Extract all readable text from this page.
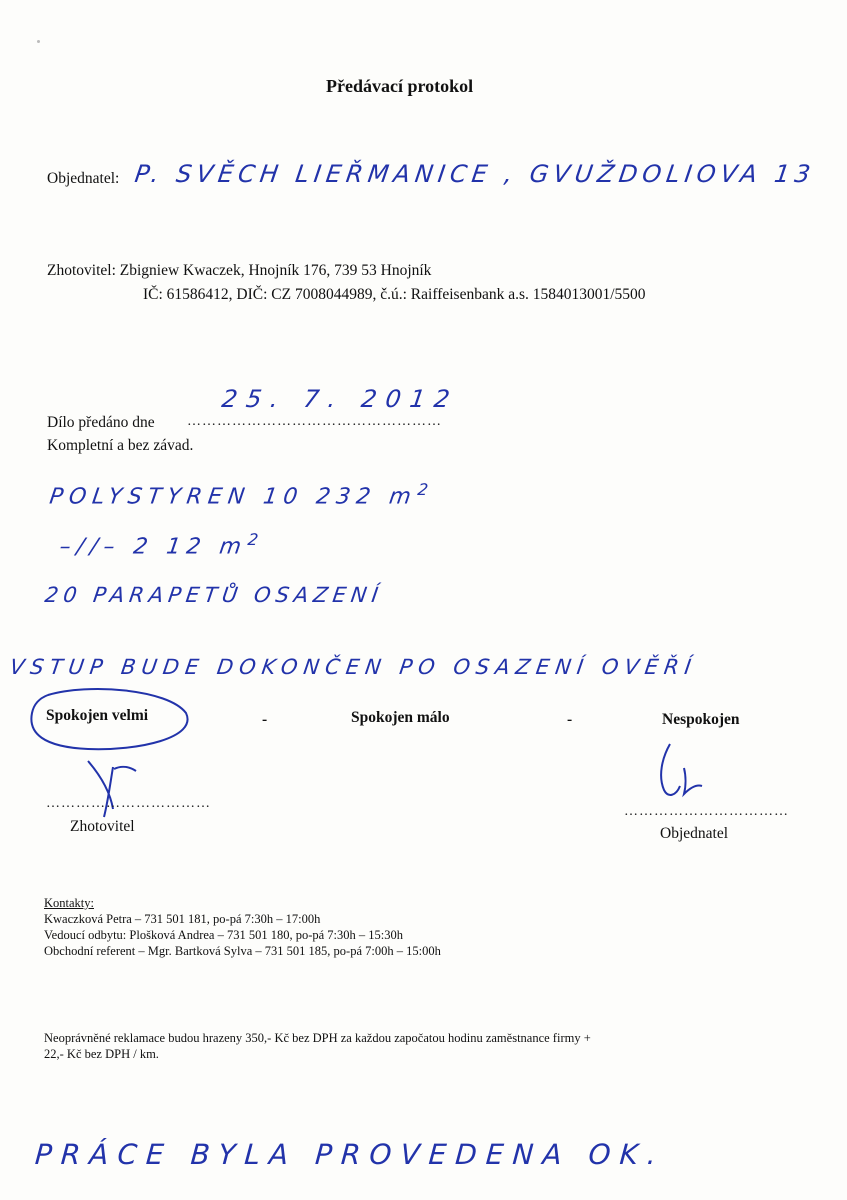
Předávací protokol
Objednatel: P. SVĚCH LIEŘMANICE , GVUŽDOLIOVA 13
Zhotovitel: Zbigniew Kwaczek, Hnojník 176, 739 53 Hnojník
IČ: 61586412, DIČ: CZ 7008044989, č.ú.: Raiffeisenbank a.s. 1584013001/5500
25. 7. 2012
Dílo předáno dne ……………………………………………
Kompletní a bez závad.
POLYSTYREN 10 232 $m^2$
–//– 2 12 $m^2$
20 PARAPETŮ OSAZENÍ
VSTUP BUDE DOKONČEN PO OSAZENÍ OVĚŘÍ
Spokojen velmi	-	Spokojen málo	-	Nespokojen
……………………………
Zhotovitel
……………………………
Objednatel
Kontakty:
Kwaczková Petra – 731 501 181, po-pá 7:30h – 17:00h
Vedoucí odbytu: Plošková Andrea – 731 501 180, po-pá 7:30h – 15:30h
Obchodní referent – Mgr. Bartková Sylva – 731 501 185, po-pá 7:00h – 15:00h
Neoprávněné reklamace budou hrazeny 350,- Kč bez DPH za každou započatou hodinu zaměstnance firmy +
22,- Kč bez DPH / km.
PRÁCE BYLA PROVEDENA OK.
